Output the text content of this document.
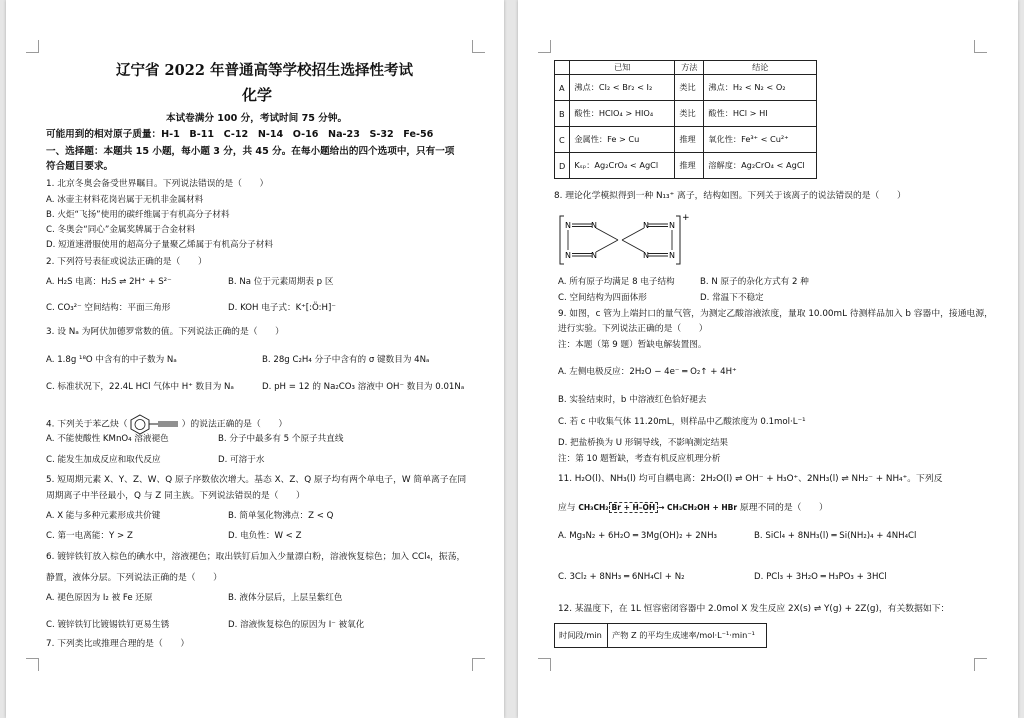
辽宁省 2022 年普通高等学校招生选择性考试
化学
本试卷满分 100 分，考试时间 75 分钟。
可能用到的相对原子质量：H-1　B-11　C-12　N-14　O-16　Na-23　S-32　Fe-56
一、选择题：本题共 15 小题，每小题 3 分，共 45 分。在每小题给出的四个选项中，只有一项
符合题目要求。
1. 北京冬奥会备受世界瞩目。下列说法错误的是（　　）
A. 冰壶主材料花岗岩属于无机非金属材料
B. 火炬“飞扬”使用的碳纤维属于有机高分子材料
C. 冬奥会“同心”金属奖牌属于合金材料
D. 短道速滑服使用的超高分子量聚乙烯属于有机高分子材料
2. 下列符号表征或说法正确的是（　　）
A. H₂S 电离：H₂S ⇌ 2H⁺ + S²⁻	B. Na 位于元素周期表 p 区
C. CO₃²⁻ 空间结构：平面三角形	D. KOH 电子式：K⁺[:Ö:H]⁻
3. 设 Nₐ 为阿伏加德罗常数的值。下列说法正确的是（　　）
A. 1.8g ¹⁸O 中含有的中子数为 Nₐ	B. 28g C₂H₄ 分子中含有的 σ 键数目为 4Nₐ
C. 标准状况下，22.4L HCl 气体中 H⁺ 数目为 Nₐ	D. pH = 12 的 Na₂CO₃ 溶液中 OH⁻ 数目为 0.01Nₐ
4. 下列关于苯乙炔（	）的说法正确的是（　　）
A. 不能使酸性 KMnO₄ 溶液褪色	B. 分子中最多有 5 个原子共直线
C. 能发生加成反应和取代反应	D. 可溶于水
5. 短周期元素 X、Y、Z、W、Q 原子序数依次增大。基态 X、Z、Q 原子均有两个单电子，W 简单离子在同
周期离子中半径最小，Q 与 Z 同主族。下列说法错误的是（　　）
A. X 能与多种元素形成共价键	B. 简单氢化物沸点：Z < Q
C. 第一电离能：Y > Z	D. 电负性：W < Z
6. 镀锌铁钉放入棕色的碘水中，溶液褪色；取出铁钉后加入少量漂白粉，溶液恢复棕色；加入 CCl₄，振荡，
静置，液体分层。下列说法正确的是（　　）
A. 褪色原因为 I₂ 被 Fe 还原	B. 液体分层后，上层呈紫红色
C. 镀锌铁钉比镀锡铁钉更易生锈	D. 溶液恢复棕色的原因为 I⁻ 被氧化
7. 下列类比或推理合理的是（　　）
	已知	方法	结论
A	沸点：Cl₂ < Br₂ < I₂	类比	沸点：H₂ < N₂ < O₂
B	酸性：HClO₄ > HIO₄	类比	酸性：HCl > HI
C	金属性：Fe > Cu	推理	氧化性：Fe³⁺ < Cu²⁺
D	Kₛₚ：Ag₂CrO₄ < AgCl	推理	溶解度：Ag₂CrO₄ < AgCl
8. 理论化学模拟得到一种 N₁₃⁺ 离子，结构如图。下列关于该离子的说法错误的是（　　）
+
N	N
N	N
N	N
N	N
A. 所有原子均满足 8 电子结构	B. N 原子的杂化方式有 2 种
C. 空间结构为四面体形	D. 常温下不稳定
9. 如图，c 管为上端封口的量气管，为测定乙酸溶液浓度，量取 10.00mL 待测样品加入 b 容器中，接通电源，
进行实验。下列说法正确的是（　　）
注：本题（第 9 题）暂缺电解装置图。
A. 左侧电极反应：2H₂O − 4e⁻ ═ O₂↑ + 4H⁺
B. 实验结束时，b 中溶液红色恰好褪去
C. 若 c 中收集气体 11.20mL，则样品中乙酸浓度为 0.1mol·L⁻¹
D. 把盐桥换为 U 形铜导线，不影响测定结果
注：第 10 题暂缺，考查有机反应机理分析
11. H₂O(l)、NH₃(l) 均可自耦电离：2H₂O(l) ⇌ OH⁻ + H₃O⁺、2NH₃(l) ⇌ NH₂⁻ + NH₄⁺。下列反
应与 CH₃CH₂ Br + H–OH → CH₃CH₂OH + HBr 原理不同的是（　　）
A. Mg₃N₂ + 6H₂O ═ 3Mg(OH)₂ + 2NH₃	B. SiCl₄ + 8NH₃(l) ═ Si(NH₂)₄ + 4NH₄Cl
C. 3Cl₂ + 8NH₃ ═ 6NH₄Cl + N₂	D. PCl₃ + 3H₂O ═ H₃PO₃ + 3HCl
12. 某温度下，在 1L 恒容密闭容器中 2.0mol X 发生反应 2X(s) ⇌ Y(g) + 2Z(g)，有关数据如下：
时间段/min	产物 Z 的平均生成速率/mol·L⁻¹·min⁻¹
